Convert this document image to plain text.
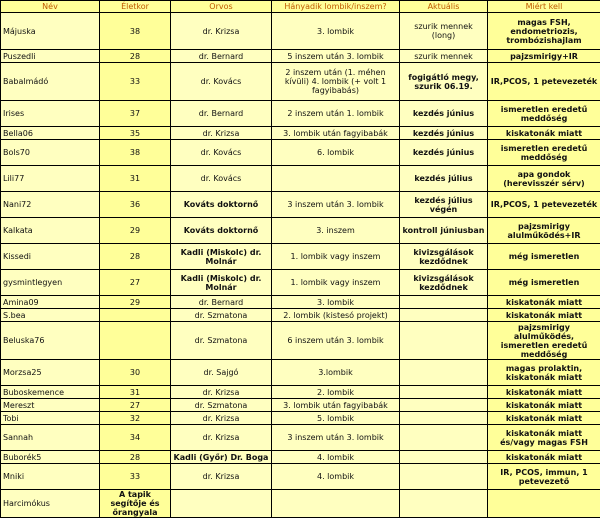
Név	Életkor	Orvos	Hányadik lombik/inszem?	Aktuális	Miért kell
Májuska	38	dr. Krizsa	3. lombik	szurik mennek (long)	magas FSH, endometriozis, trombózishajlam
Puszedli	28	dr. Bernard	5 inszem után 3. lombik	szurik mennek	pajzsmirigy+IR
Babalmádó	33	dr. Kovács	2 inszem után (1. méhen kívüli) 4. lombik (+ volt 1 fagyibabás)	fogigátló megy, szurik 06.19.	IR,PCOS, 1 petevezeték
Irises	37	dr. Bernard	2 inszem után 1. lombik	kezdés június	ismeretlen eredetű meddőség
Bella06	35	dr. Krizsa	3. lombik után fagyibabák	kezdés június	kiskatonák miatt
Bols70	38	dr. Kovács	6. lombik	kezdés június	ismeretlen eredetű meddőség
Lili77	31	dr. Kovács		kezdés július	apa gondok (herevisszér sérv)
Nani72	36	Kováts doktornő	3 inszem után 3. lombik	kezdés július végén	IR,PCOS, 1 petevezeték
Kalkata	29	Kováts doktornő	3. inszem	kontroll júniusban	pajzsmirigy alulműködés+IR
Kissedi	28	Kadli (Miskolc) dr. Molnár	1. lombik vagy inszem	kivizsgálások kezdődnek	még ismeretlen
gysmintlegyen	27	Kadli (Miskolc) dr. Molnár	1. lombik vagy inszem	kivizsgálások kezdődnek	még ismeretlen
Amina09	29	dr. Bernard	3. lombik		kiskatonák miatt
S.bea		dr. Szmatona	2. lombik (kistesó projekt)		kiskatonák miatt
Beluska76		dr. Szmatona	6 inszem után 3. lombik		pajzsmirigy alulműködés, ismeretlen eredetű meddőség
Morzsa25	30	dr. Sajgó	3.lombik		magas prolaktin, kiskatonák miatt
Buboskemence	31	dr. Krizsa	2. lombik		kiskatonák miatt
Mereszt	27	dr. Szmatona	3. lombik után fagyibabák		kiskatonák miatt
Tobi	32	dr. Krizsa	5. lombik		kiskatonák miatt
Sannah	34	dr. Krizsa	3 inszem után 3. lombik		kiskatonák miatt és/vagy magas FSH
Buborék5	28	Kadli (Győr) Dr. Boga	4. lombik		kiskatonák miatt
Mniki	33	dr. Krizsa	4. lombik		IR, PCOS, immun, 1 petevezető
Harcimókus	A tapik segítője és őrangyala				
